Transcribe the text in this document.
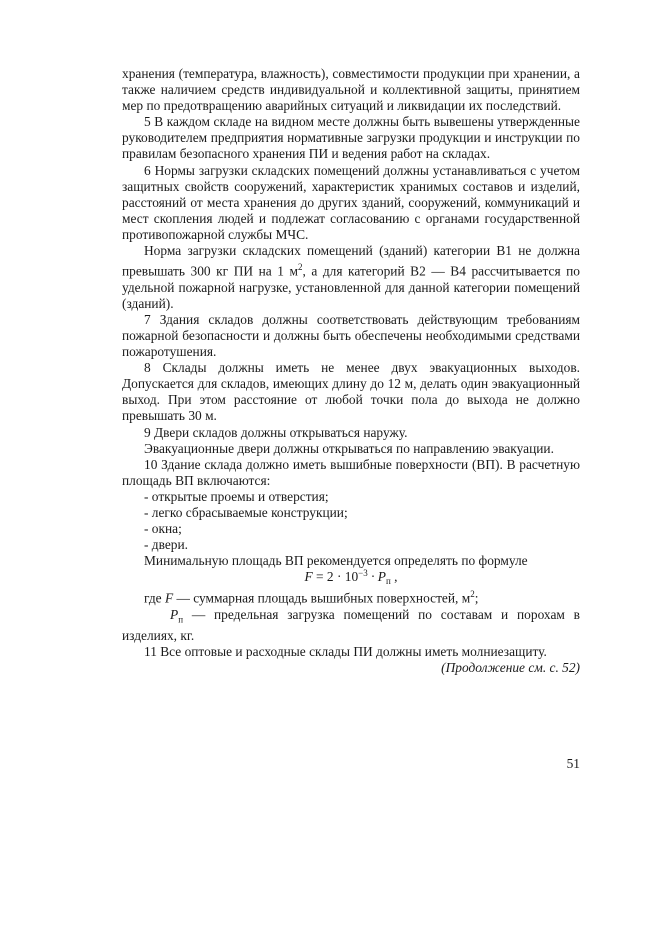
хранения (температура, влажность), совместимости продукции при хранении, а также наличием средств индивидуальной и коллективной защиты, принятием мер по предотвращению аварийных ситуаций и ликвидации их последствий.

5 В каждом складе на видном месте должны быть вывешены утвержденные руководителем предприятия нормативные загрузки продукции и инструкции по правилам безопасного хранения ПИ и ведения работ на складах.

6 Нормы загрузки складских помещений должны устанавливаться с учетом защитных свойств сооружений, характеристик хранимых составов и изделий, расстояний от места хранения до других зданий, сооружений, коммуникаций и мест скопления людей и подлежат согласованию с органами государственной противопожарной службы МЧС.

Норма загрузки складских помещений (зданий) категории В1 не должна превышать 300 кг ПИ на 1 $м^2$, а для категорий В2 — В4 рассчитывается по удельной пожарной нагрузке, установленной для данной категории помещений (зданий).

7 Здания складов должны соответствовать действующим требованиям пожарной безопасности и должны быть обеспечены необходимыми средствами пожаротушения.

8 Склады должны иметь не менее двух эвакуационных выходов. Допускается для складов, имеющих длину до 12 м, делать один эвакуационный выход. При этом расстояние от любой точки пола до выхода не должно превышать 30 м.

9 Двери складов должны открываться наружу.

Эвакуационные двери должны открываться по направлению эвакуации.

10 Здание склада должно иметь вышибные поверхности (ВП). В расчетную площадь ВП включаются:

- открытые проемы и отверстия;

- легко сбрасываемые конструкции;

- окна;

- двери.

Минимальную площадь ВП рекомендуется определять по формуле

$F = 2 \cdot 10^{-3} \cdot P_п$ ,

где F — суммарная площадь вышибных поверхностей, $м^2$;

$P_п$ — предельная загрузка помещений по составам и порохам в изделиях, кг.

11 Все оптовые и расходные склады ПИ должны иметь молниезащиту.

(Продолжение см. с. 52)

51
